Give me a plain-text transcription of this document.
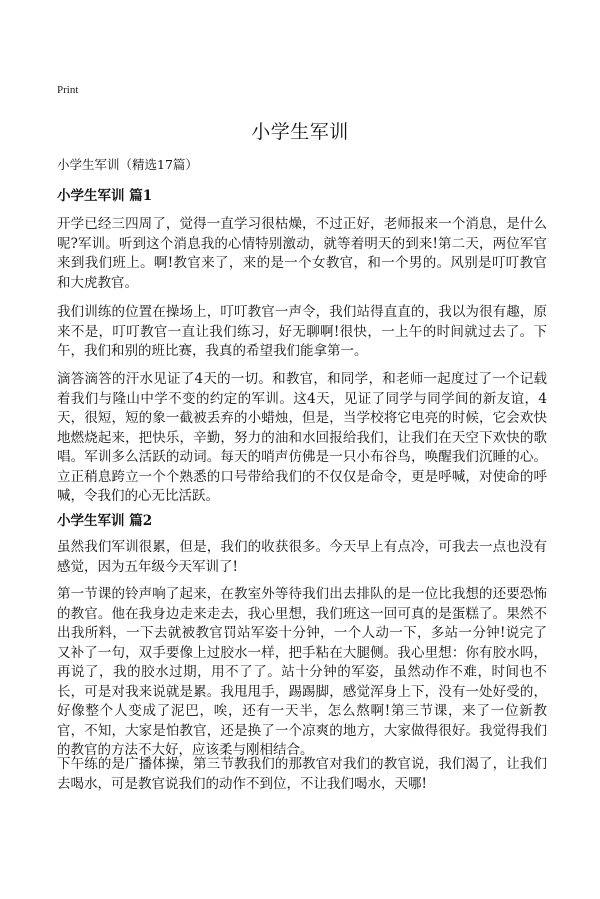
Print
小学生军训
小学生军训（精选17篇）
小学生军训 篇1
开学已经三四周了，觉得一直学习很枯燥，不过正好，老师报来一个消息，是什么呢?军训。听到这个消息我的心情特别激动，就等着明天的到来!第二天，两位军官来到我们班上。啊!教官来了，来的是一个女教官，和一个男的。风别是叮叮教官和大虎教官。
我们训练的位置在操场上，叮叮教官一声令，我们站得直直的，我以为很有趣，原来不是，叮叮教官一直让我们练习，好无聊啊!很快，一上午的时间就过去了。下午，我们和别的班比赛，我真的希望我们能拿第一。
滴答滴答的汗水见证了4天的一切。和教官，和同学，和老师一起度过了一个记载着我们与隆山中学不变的约定的军训。这4天，见证了同学与同学间的新友谊，4天，很短，短的象一截被丢弃的小蜡烛，但是，当学校将它电亮的时候，它会欢快地燃烧起来，把快乐，辛勤，努力的油和水回报给我们，让我们在天空下欢快的歌唱。军训多么活跃的动词。每天的哨声仿佛是一只小布谷鸟，唤醒我们沉睡的心。立正稍息跨立一个个熟悉的口号带给我们的不仅仅是命令，更是呼喊，对使命的呼喊，令我们的心无比活跃。
小学生军训 篇2
虽然我们军训很累，但是，我们的收获很多。今天早上有点冷，可我去一点也没有感觉，因为五年级今天军训了!
第一节课的铃声响了起来，在教室外等待我们出去排队的是一位比我想的还要恐怖的教官。他在我身边走来走去，我心里想，我们班这一回可真的是蛋糕了。果然不出我所料，一下去就被教官罚站军姿十分钟，一个人动一下，多站一分钟!说完了又补了一句，双手要像上过胶水一样，把手粘在大腿侧。我心里想：你有胶水吗，再说了，我的胶水过期，用不了了。站十分钟的军姿，虽然动作不难，时间也不长，可是对我来说就是累。我甩甩手，踢踢脚，感觉浑身上下，没有一处好受的，好像整个人变成了泥巴，唉，还有一天半，怎么熬啊!第三节课，来了一位新教官，不知，大家是怕教官，还是换了一个凉爽的地方，大家做得很好。我觉得我们的教官的方法不大好，应该柔与刚相结合。
下午练的是广播体操，第三节教我们的那教官对我们的教官说，我们渴了，让我们去喝水，可是教官说我们的动作不到位，不让我们喝水，天哪!
